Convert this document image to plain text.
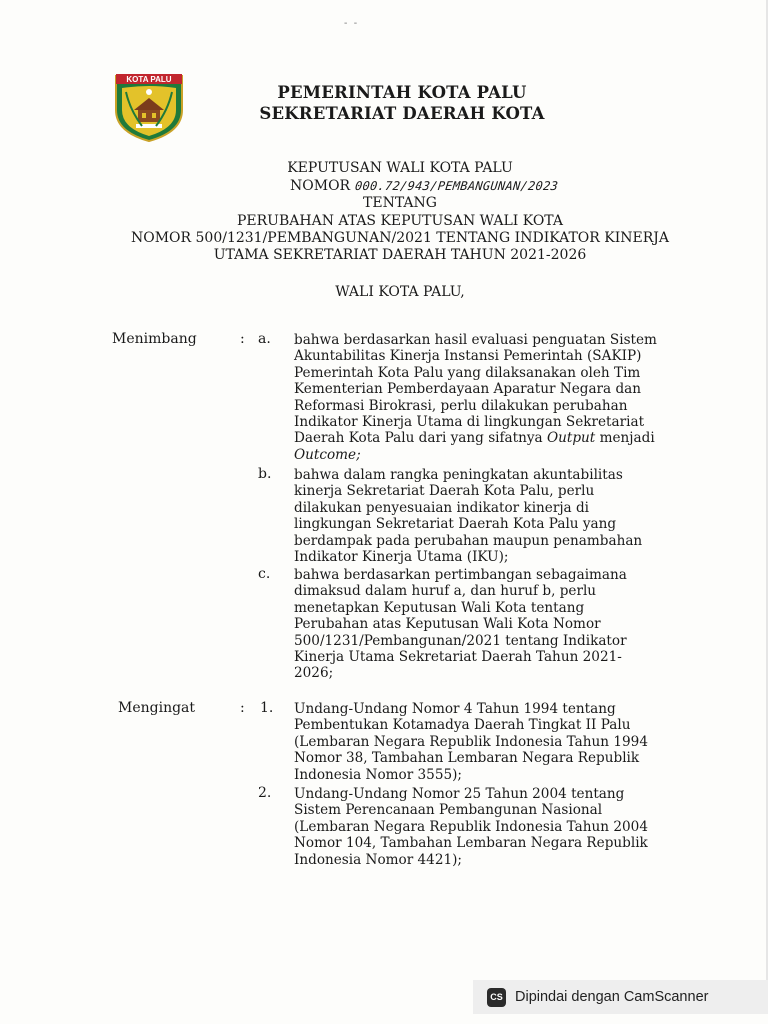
-  -
KOTA PALU
PEMERINTAH KOTA PALU
SEKRETARIAT DAERAH KOTA
KEPUTUSAN WALI KOTA PALU
NOMOR 000.72/943/PEMBANGUNAN/2023
TENTANG
PERUBAHAN ATAS KEPUTUSAN WALI KOTA
NOMOR 500/1231/PEMBANGUNAN/2021 TENTANG INDIKATOR KINERJA
UTAMA SEKRETARIAT DAERAH TAHUN 2021-2026
WALI KOTA PALU,
Menimbang	: a. bahwa berdasarkan hasil evaluasi penguatan Sistem
Akuntabilitas Kinerja Instansi Pemerintah (SAKIP)
Pemerintah Kota Palu yang dilaksanakan oleh Tim
Kementerian Pemberdayaan Aparatur Negara dan
Reformasi Birokrasi, perlu dilakukan perubahan
Indikator Kinerja Utama di lingkungan Sekretariat
Daerah Kota Palu dari yang sifatnya Output menjadi
Outcome;
b. bahwa dalam rangka peningkatan akuntabilitas
kinerja Sekretariat Daerah Kota Palu, perlu
dilakukan penyesuaian indikator kinerja di
lingkungan Sekretariat Daerah Kota Palu yang
berdampak pada perubahan maupun penambahan
Indikator Kinerja Utama (IKU);
c. bahwa berdasarkan pertimbangan sebagaimana
dimaksud dalam huruf a, dan huruf b, perlu
menetapkan Keputusan Wali Kota tentang
Perubahan atas Keputusan Wali Kota Nomor
500/1231/Pembangunan/2021 tentang Indikator
Kinerja Utama Sekretariat Daerah Tahun 2021-
2026;
Mengingat	: 1. Undang-Undang Nomor 4 Tahun 1994 tentang
Pembentukan Kotamadya Daerah Tingkat II Palu
(Lembaran Negara Republik Indonesia Tahun 1994
Nomor 38, Tambahan Lembaran Negara Republik
Indonesia Nomor 3555);
2. Undang-Undang Nomor 25 Tahun 2004 tentang
Sistem Perencanaan Pembangunan Nasional
(Lembaran Negara Republik Indonesia Tahun 2004
Nomor 104, Tambahan Lembaran Negara Republik
Indonesia Nomor 4421);
CS Dipindai dengan CamScanner
